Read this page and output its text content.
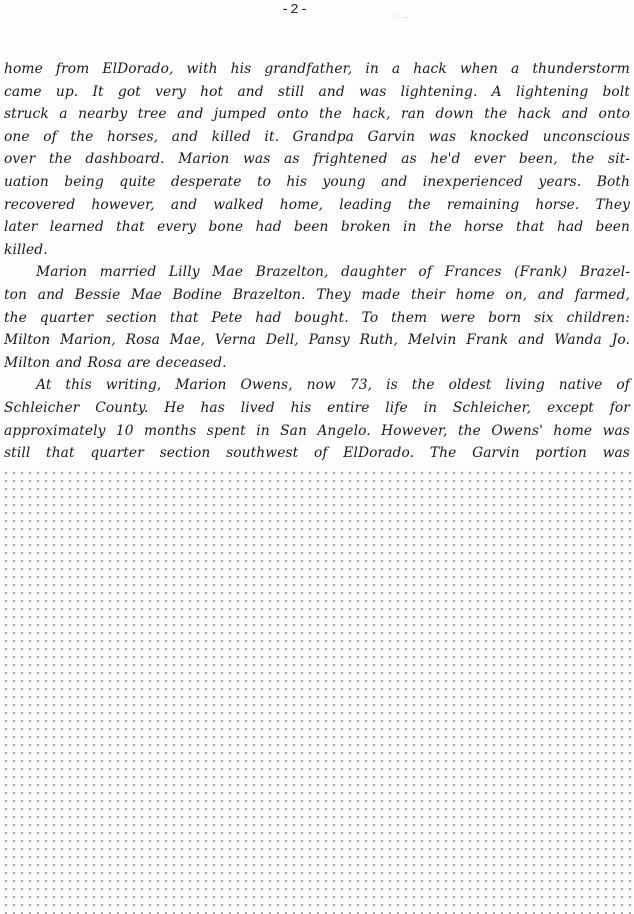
-2-	: ..
home from ElDorado, with his grandfather, in a hack when a thunderstorm
came up. It got very hot and still and was lightening. A lightening bolt
struck a nearby tree and jumped onto the hack, ran down the hack and onto
one of the horses, and killed it. Grandpa Garvin was knocked unconscious
over the dashboard. Marion was as frightened as he'd ever been, the sit-
uation being quite desperate to his young and inexperienced years. Both
recovered however, and walked home, leading the remaining horse. They
later learned that every bone had been broken in the horse that had been
killed.
Marion married Lilly Mae Brazelton, daughter of Frances (Frank) Brazel-
ton and Bessie Mae Bodine Brazelton. They made their home on, and farmed,
the quarter section that Pete had bought. To them were born six children:
Milton Marion, Rosa Mae, Verna Dell, Pansy Ruth, Melvin Frank and Wanda Jo.
Milton and Rosa are deceased.
At this writing, Marion Owens, now 73, is the oldest living native of
Schleicher County. He has lived his entire life in Schleicher, except for
approximately 10 months spent in San Angelo. However, the Owens' home was
still that quarter section southwest of ElDorado. The Garvin portion was
